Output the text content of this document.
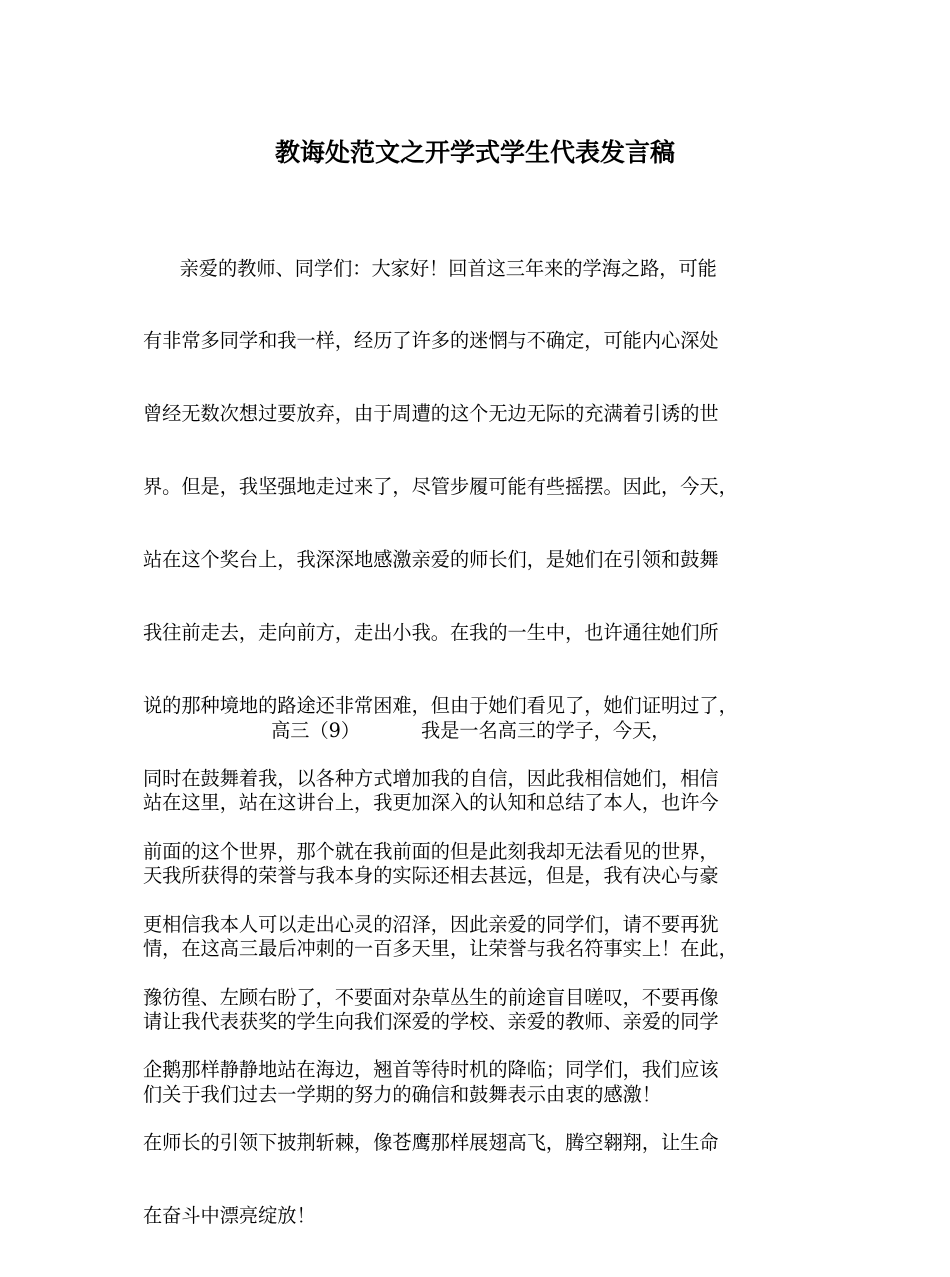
教诲处范文之开学式学生代表发言稿

亲爱的教师、同学们：大家好！回首这三年来的学海之路，可能

有非常多同学和我一样，经历了许多的迷惘与不确定，可能内心深处

曾经无数次想过要放弃，由于周遭的这个无边无际的充满着引诱的世

界。但是，我坚强地走过来了，尽管步履可能有些摇摆。因此，今天，

站在这个奖台上，我深深地感激亲爱的师长们，是她们在引领和鼓舞

我往前走去，走向前方，走出小我。在我的一生中，也许通往她们所

说的那种境地的路途还非常困难，但由于她们看见了，她们证明过了，

同时在鼓舞着我，以各种方式增加我的自信，因此我相信她们，相信

前面的这个世界，那个就在我前面的但是此刻我却无法看见的世界，

更相信我本人可以走出心灵的沼泽，因此亲爱的同学们，请不要再犹

豫彷徨、左顾右盼了，不要面对杂草丛生的前途盲目嗟叹，不要再像

企鹅那样静静地站在海边，翘首等待时机的降临；同学们，我们应该

在师长的引领下披荆斩棘，像苍鹰那样展翅高飞，腾空翱翔，让生命

在奋斗中漂亮绽放！

高三（9）          我是一名高三的学子，今天，

站在这里，站在这讲台上，我更加深入的认知和总结了本人，也许今

天我所获得的荣誉与我本身的实际还相去甚远，但是，我有决心与豪

情，在这高三最后冲刺的一百多天里，让荣誉与我名符事实上！在此，

请让我代表获奖的学生向我们深爱的学校、亲爱的教师、亲爱的同学

们关于我们过去一学期的努力的确信和鼓舞表示由衷的感激！
